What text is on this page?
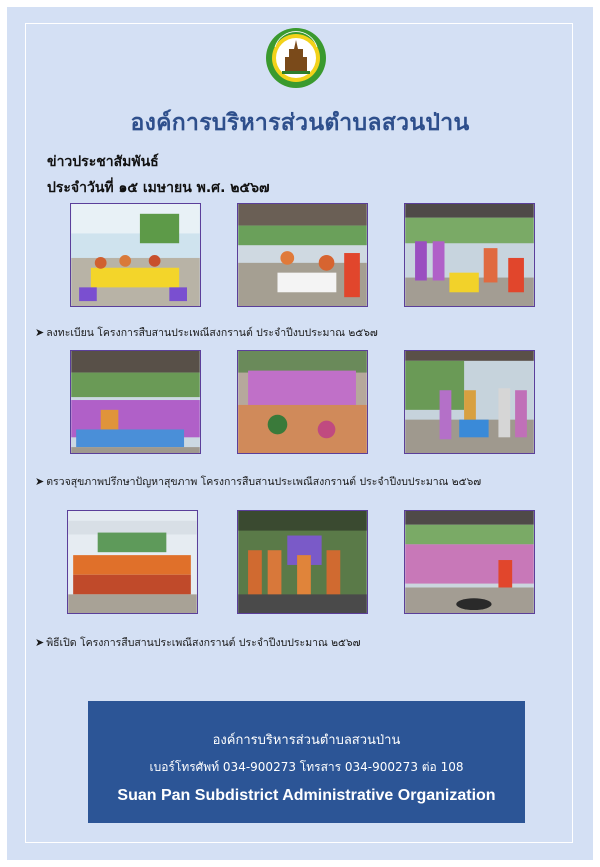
องค์การบริหารส่วนตำบลสวนป่าน
ข่าวประชาสัมพันธ์
ประจำวันที่ ๑๕ เมษายน พ.ศ. ๒๕๖๗
➤ ลงทะเบียน โครงการสืบสานประเพณีสงกรานต์ ประจำปีงบประมาณ ๒๕๖๗
➤ ตรวจสุขภาพปรึกษาปัญหาสุขภาพ โครงการสืบสานประเพณีสงกรานต์ ประจำปีงบประมาณ ๒๕๖๗
➤ พิธีเปิด โครงการสืบสานประเพณีสงกรานต์ ประจำปีงบประมาณ ๒๕๖๗
องค์การบริหารส่วนตำบลสวนป่าน
เบอร์โทรศัพท์ 034-900273 โทรสาร 034-900273 ต่อ 108
Suan Pan Subdistrict Administrative Organization
